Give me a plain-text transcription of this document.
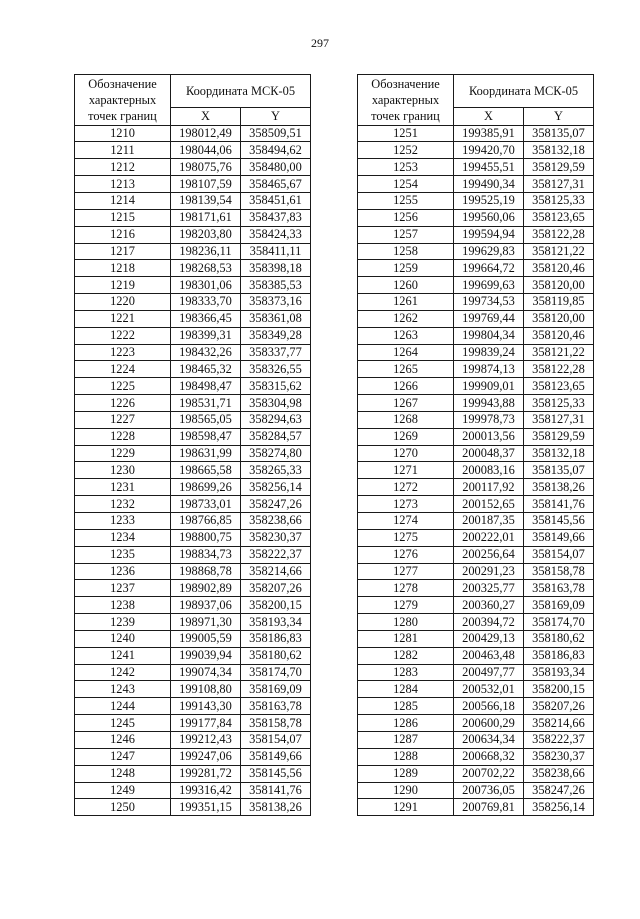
297
Обозначение характерных точек границ	Координата МСК-05	
	X	Y
1210	198012,49	358509,51
1211	198044,06	358494,62
1212	198075,76	358480,00
1213	198107,59	358465,67
1214	198139,54	358451,61
1215	198171,61	358437,83
1216	198203,80	358424,33
1217	198236,11	358411,11
1218	198268,53	358398,18
1219	198301,06	358385,53
1220	198333,70	358373,16
1221	198366,45	358361,08
1222	198399,31	358349,28
1223	198432,26	358337,77
1224	198465,32	358326,55
1225	198498,47	358315,62
1226	198531,71	358304,98
1227	198565,05	358294,63
1228	198598,47	358284,57
1229	198631,99	358274,80
1230	198665,58	358265,33
1231	198699,26	358256,14
1232	198733,01	358247,26
1233	198766,85	358238,66
1234	198800,75	358230,37
1235	198834,73	358222,37
1236	198868,78	358214,66
1237	198902,89	358207,26
1238	198937,06	358200,15
1239	198971,30	358193,34
1240	199005,59	358186,83
1241	199039,94	358180,62
1242	199074,34	358174,70
1243	199108,80	358169,09
1244	199143,30	358163,78
1245	199177,84	358158,78
1246	199212,43	358154,07
1247	199247,06	358149,66
1248	199281,72	358145,56
1249	199316,42	358141,76
1250	199351,15	358138,26
Обозначение характерных точек границ	Координата МСК-05	
	X	Y
1251	199385,91	358135,07
1252	199420,70	358132,18
1253	199455,51	358129,59
1254	199490,34	358127,31
1255	199525,19	358125,33
1256	199560,06	358123,65
1257	199594,94	358122,28
1258	199629,83	358121,22
1259	199664,72	358120,46
1260	199699,63	358120,00
1261	199734,53	358119,85
1262	199769,44	358120,00
1263	199804,34	358120,46
1264	199839,24	358121,22
1265	199874,13	358122,28
1266	199909,01	358123,65
1267	199943,88	358125,33
1268	199978,73	358127,31
1269	200013,56	358129,59
1270	200048,37	358132,18
1271	200083,16	358135,07
1272	200117,92	358138,26
1273	200152,65	358141,76
1274	200187,35	358145,56
1275	200222,01	358149,66
1276	200256,64	358154,07
1277	200291,23	358158,78
1278	200325,77	358163,78
1279	200360,27	358169,09
1280	200394,72	358174,70
1281	200429,13	358180,62
1282	200463,48	358186,83
1283	200497,77	358193,34
1284	200532,01	358200,15
1285	200566,18	358207,26
1286	200600,29	358214,66
1287	200634,34	358222,37
1288	200668,32	358230,37
1289	200702,22	358238,66
1290	200736,05	358247,26
1291	200769,81	358256,14
